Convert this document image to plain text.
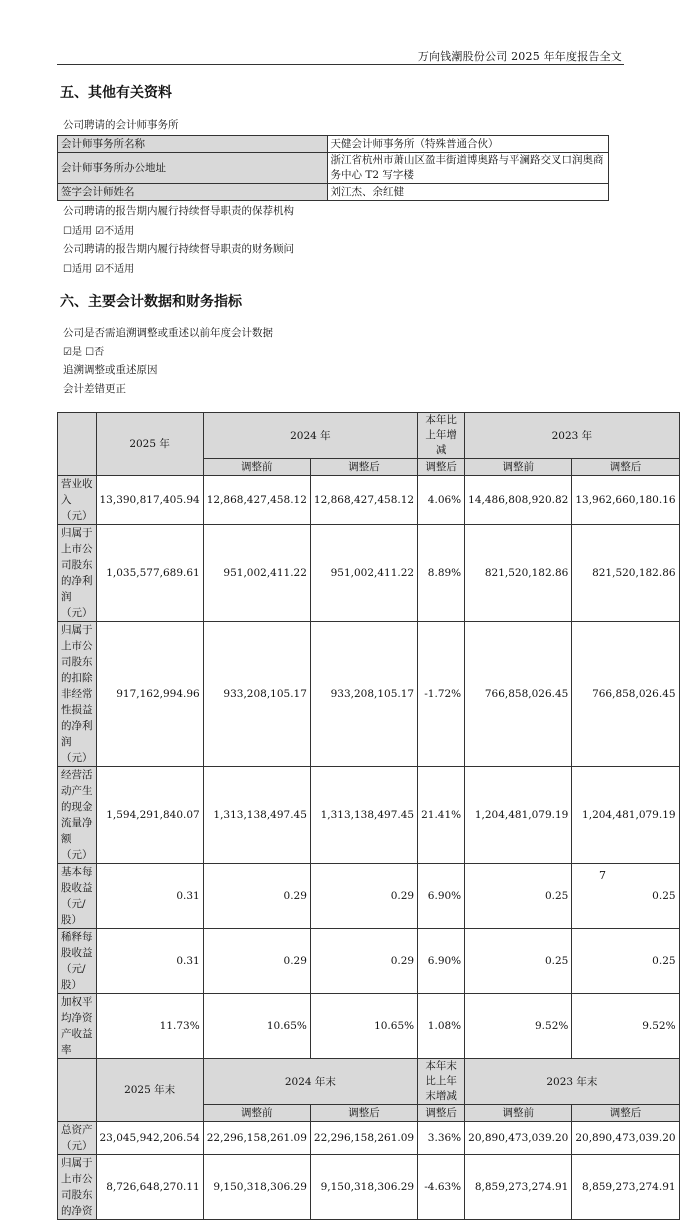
万向钱潮股份公司 2025 年年度报告全文
五、其他有关资料
公司聘请的会计师事务所
会计师事务所名称	天健会计师事务所（特殊普通合伙）
会计师事务所办公地址	浙江省杭州市萧山区盈丰街道博奥路与平澜路交叉口润奥商务中心 T2 写字楼
签字会计师姓名	刘江杰、余红健
公司聘请的报告期内履行持续督导职责的保荐机构
☐适用 ☑不适用
公司聘请的报告期内履行持续督导职责的财务顾问
☐适用 ☑不适用
六、主要会计数据和财务指标
公司是否需追溯调整或重述以前年度会计数据
☑是 ☐否
追溯调整或重述原因
会计差错更正
	2025 年	2024 年		本年比上年增减	2023 年	
		调整前	调整后	调整后	调整前	调整后
营业收入（元）	13,390,817,405.94	12,868,427,458.12	12,868,427,458.12	4.06%	14,486,808,920.82	13,962,660,180.16
归属于上市公司股东的净利润（元）	1,035,577,689.61	951,002,411.22	951,002,411.22	8.89%	821,520,182.86	821,520,182.86
归属于上市公司股东的扣除非经常性损益的净利润（元）	917,162,994.96	933,208,105.17	933,208,105.17	-1.72%	766,858,026.45	766,858,026.45
经营活动产生的现金流量净额（元）	1,594,291,840.07	1,313,138,497.45	1,313,138,497.45	21.41%	1,204,481,079.19	1,204,481,079.19
基本每股收益（元/股）	0.31	0.29	0.29	6.90%	0.25	0.25
稀释每股收益（元/股）	0.31	0.29	0.29	6.90%	0.25	0.25
加权平均净资产收益率	11.73%	10.65%	10.65%	1.08%	9.52%	9.52%
	2025 年末	2024 年末		本年末比上年末增减	2023 年末	
		调整前	调整后	调整后	调整前	调整后
总资产（元）	23,045,942,206.54	22,296,158,261.09	22,296,158,261.09	3.36%	20,890,473,039.20	20,890,473,039.20
归属于上市公司股东的净资	8,726,648,270.11	9,150,318,306.29	9,150,318,306.29	-4.63%	8,859,273,274.91	8,859,273,274.91
7
